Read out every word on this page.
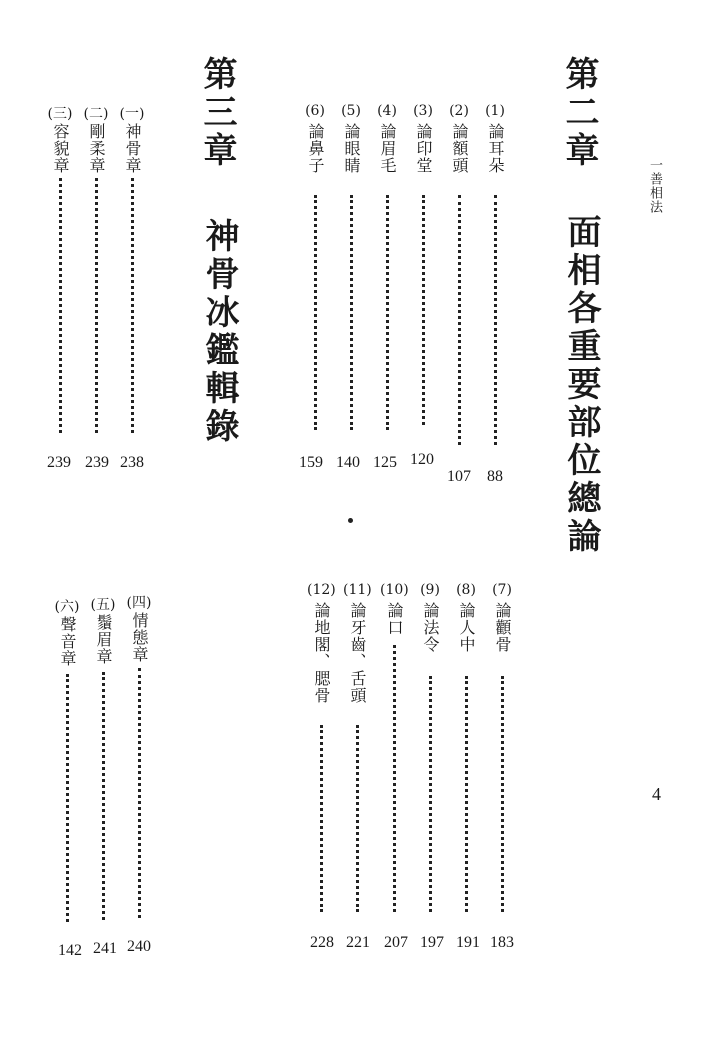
一善相法
4
第二章
面相各重要部位總論
第三章
神骨冰鑑輯錄
(1)
論耳朵
88
(2)
論額頭
107
(3)
論印堂
120
(4)
論眉毛
125
(5)
論眼睛
140
(6)
論鼻子
159
(7)
論顴骨
183
(8)
論人中
191
(9)
論法令
197
(10)
論口
207
(11)
論牙齒、舌頭
221
(12)
論地閣、腮骨
228
(一)
神骨章
238
(二)
剛柔章
239
(三)
容貌章
239
(四)
情態章
240
(五)
鬚眉章
241
(六)
聲音章
142
